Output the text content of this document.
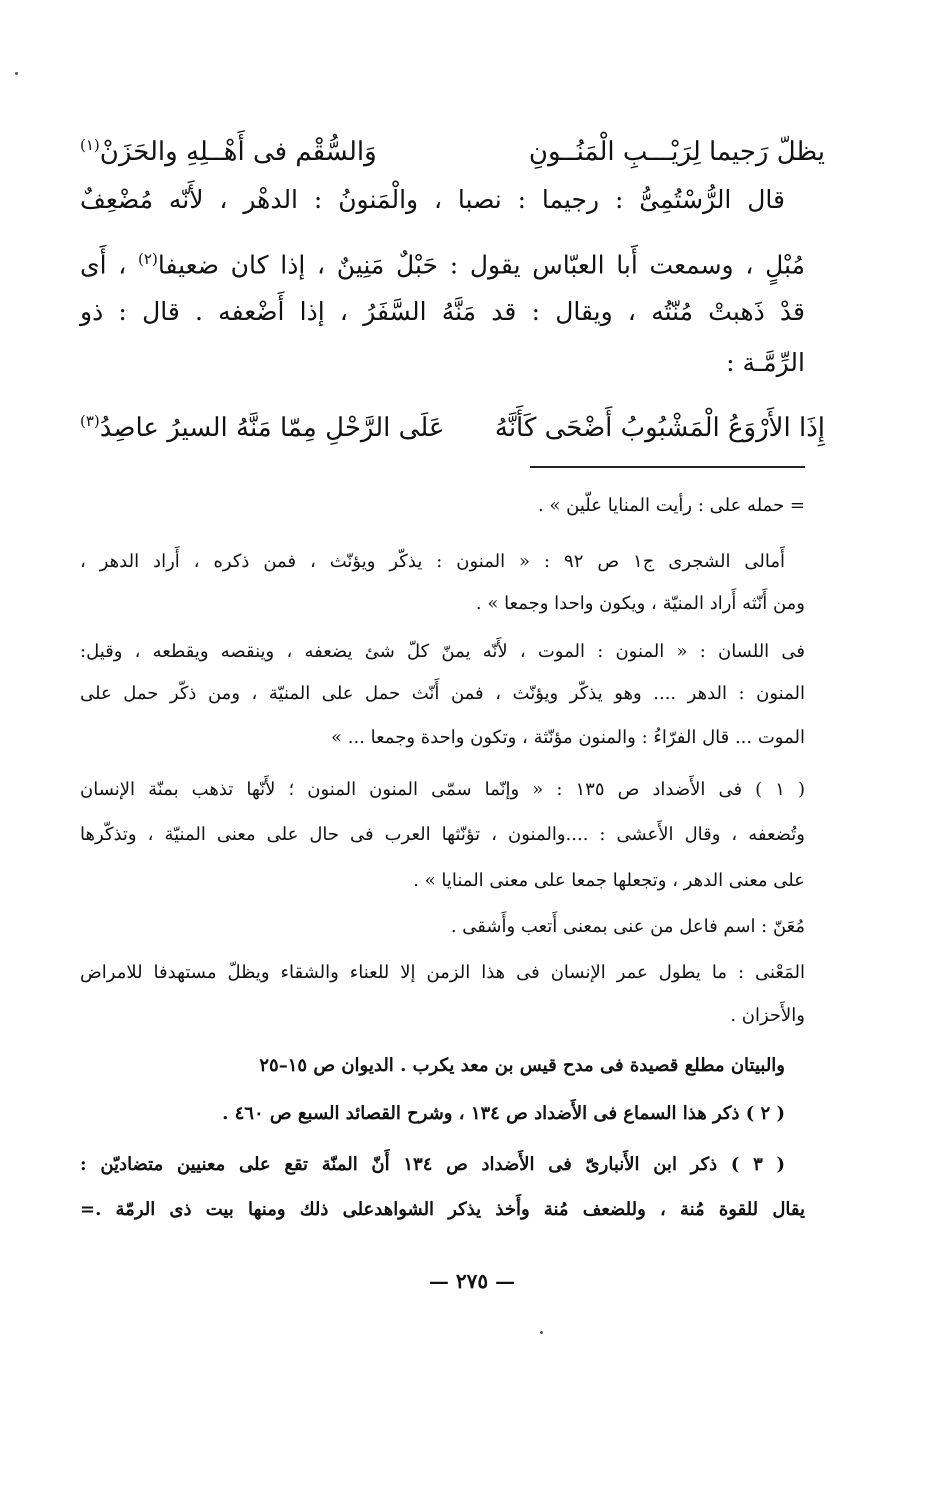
يظلّ رَجيما لِرَيْـــبِ الْمَنُــونِ
وَالسُّقْم فى أَهْــلِهِ والحَزَنْ$^{(١)}$
قال الرُّسْتُمِىُّ : رجيما : نصبا ، والْمَنونُ : الدهْر ، لأَنّه مُضْعِفٌ
مُبْلٍ ، وسمعت أَبا العبّاس يقول : حَبْلٌ مَنِينٌ ، إذا كان ضعيفا$^{(٢)}$ ، أَى
قدْ ذَهبتْ مُنّتُه ، ويقال : قد مَنَّهُ السَّفَرُ ، إذا أَضْعفه . قال : ذو
الرِّمَّـة :
إِذَا الأَرْوَعُ الْمَشْبُوبُ أَضْحَى كَأَنَّهُ
عَلَى الرَّحْلِ مِمّا مَنَّهُ السيرُ عاصِدُ$^{(٣)}$
= حمله على : رأيت المنايا علّين » .
أَمالى الشجرى ج١ ص ٩٢ : « المنون : يذكّر ويؤنّث ، فمن ذكره ، أَراد الدهر ،
ومن أَنّثه أَراد المنيّة ، ويكون واحدا وجمعا » .
فى اللسان : « المنون : الموت ، لأَنّه يمنّ كلّ شئ يضعفه ، وينقصه ويقطعه ، وقيل:
المنون : الدهر .... وهو يذكّر ويؤنّث ، فمن أَنّث حمل على المنيّة ، ومن ذكّر حمل على
الموت ... قال الفرّاءُ : والمنون مؤنّثة ، وتكون واحدة وجمعا ... »
( ١ ) فى الأَضداد ص ١٣٥ : « وإنّما سمّى المنون المنون ؛ لأَنّها تذهب بمنّة الإنسان
وتُضعفه ، وقال الأَعشى : ....والمنون ، تؤنّثها العرب فى حال على معنى المنيّة ، وتذكّرها
على معنى الدهر ، وتجعلها جمعا على معنى المنايا » .
مُعَنّ : اسم فاعل من عنى بمعنى أَتعب وأَشقى .
المَعْنى : ما يطول عمر الإنسان فى هذا الزمن إلا للعناء والشقاء ويظلّ مستهدفا للامراض
والأَحزان .
والبيتان مطلع قصيدة فى مدح قيس بن معد يكرب . الديوان ص ١٥–٢٥
( ٢ ) ذكر هذا السماع فى الأَضداد ص ١٣٤ ، وشرح القصائد السبع ص ٤٦٠ .
( ٣ ) ذكر ابن الأَنبارىّ فى الأَضداد ص ١٣٤ أَنّ المنّة تقع على معنيين متضاديّن :
يقال للقوة مُنة ، وللضعف مُنة وأَخذ يذكر الشواهدعلى ذلك ومنها بيت ذى الرمّة .=
— ٢٧٥ —
